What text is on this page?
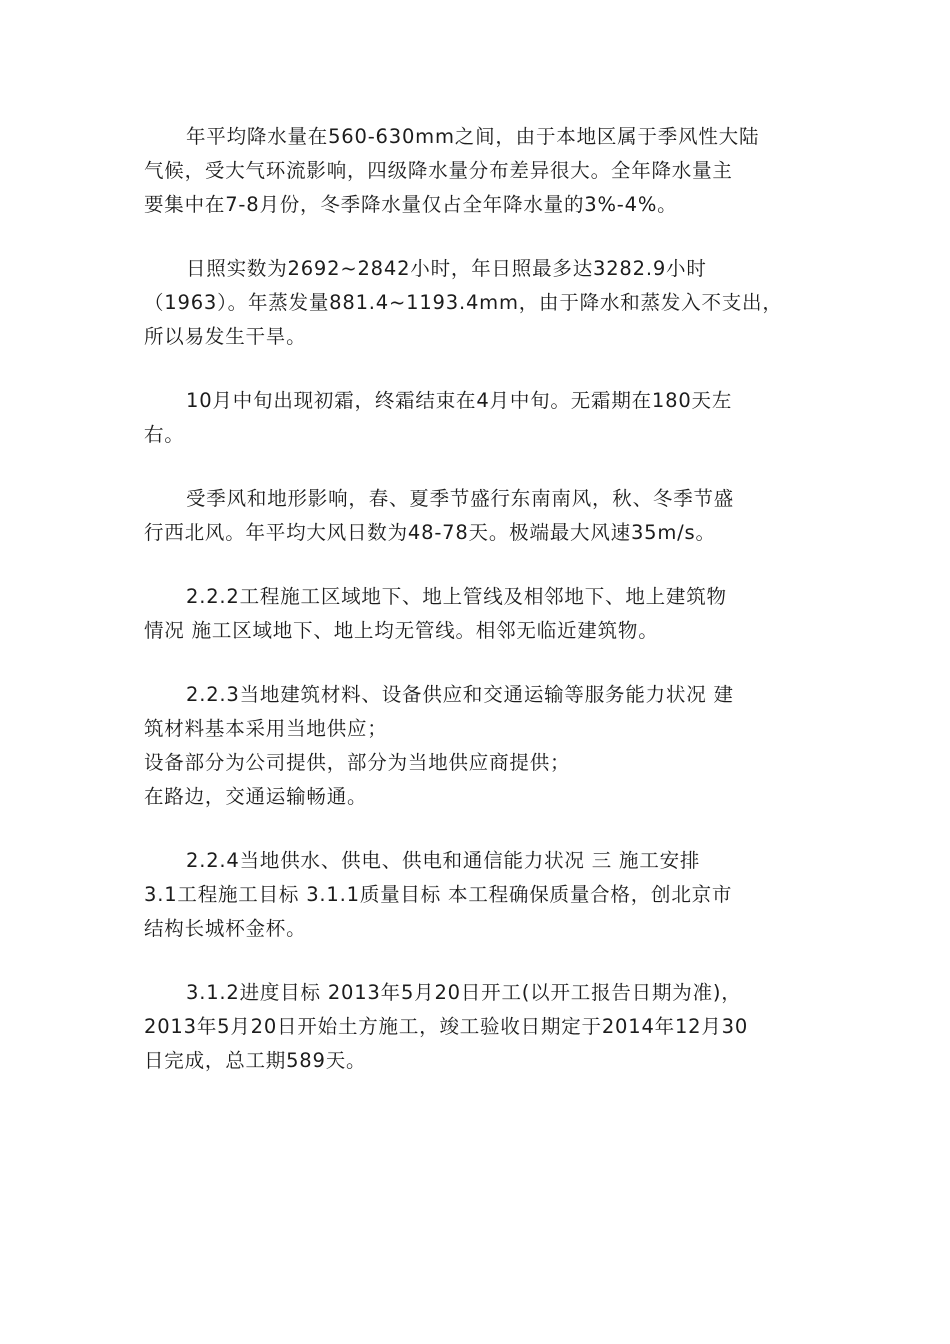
年平均降水量在560-630mm之间，由于本地区属于季风性大陆
气候，受大气环流影响，四级降水量分布差异很大。全年降水量主
要集中在7-8月份，冬季降水量仅占全年降水量的3%-4%。
日照实数为2692~2842小时，年日照最多达3282.9小时
（1963）。年蒸发量881.4~1193.4mm，由于降水和蒸发入不支出，
所以易发生干旱。
10月中旬出现初霜，终霜结束在4月中旬。无霜期在180天左
右。
受季风和地形影响，春、夏季节盛行东南南风，秋、冬季节盛
行西北风。年平均大风日数为48-78天。极端最大风速35m/s。
2.2.2工程施工区域地下、地上管线及相邻地下、地上建筑物
情况 施工区域地下、地上均无管线。相邻无临近建筑物。
2.2.3当地建筑材料、设备供应和交通运输等服务能力状况 建
筑材料基本采用当地供应；
设备部分为公司提供，部分为当地供应商提供；
在路边，交通运输畅通。
2.2.4当地供水、供电、供电和通信能力状况 三 施工安排
3.1工程施工目标 3.1.1质量目标 本工程确保质量合格，创北京市
结构长城杯金杯。
3.1.2进度目标 2013年5月20日开工(以开工报告日期为准)，
2013年5月20日开始土方施工，竣工验收日期定于2014年12月30
日完成，总工期589天。
